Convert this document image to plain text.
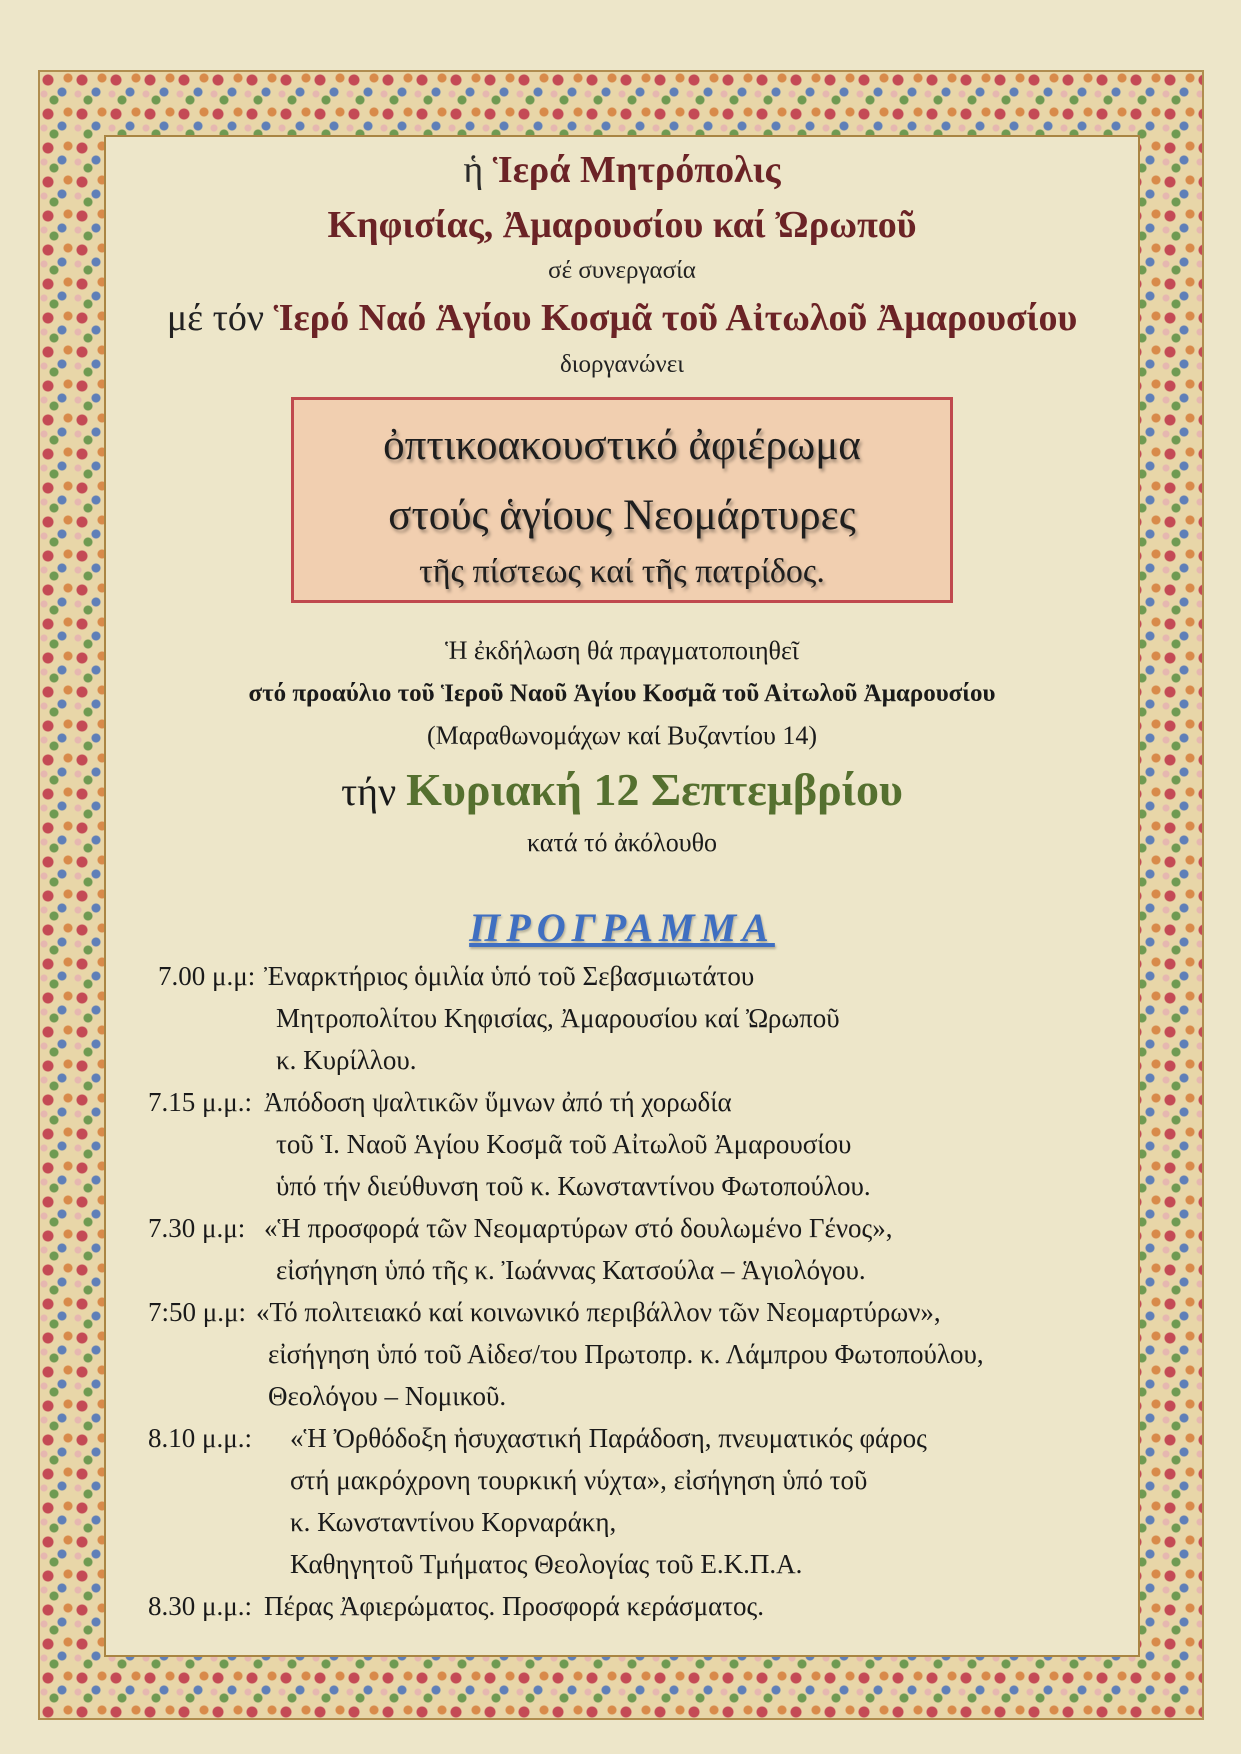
ἡ Ἱερά Μητρόπολις
Κηφισίας, Ἀμαρουσίου καί Ὠρωποῦ
σέ συνεργασία
μέ τόν Ἱερό Ναό Ἁγίου Κοσμᾶ τοῦ Αἰτωλοῦ Ἀμαρουσίου
διοργανώνει
ὀπτικοακουστικό ἀφιέρωμα
στούς ἁγίους Νεομάρτυρες
τῆς πίστεως καί τῆς πατρίδος.
Ἡ ἐκδήλωση θά πραγματοποιηθεῖ
στό προαύλιο τοῦ Ἱεροῦ Ναοῦ Ἁγίου Κοσμᾶ τοῦ Αἰτωλοῦ Ἀμαρουσίου
(Μαραθωνομάχων καί Βυζαντίου 14)
τήν Κυριακή 12 Σεπτεμβρίου
κατά τό ἀκόλουθο
ΠΡΟΓΡΑΜΜΑ
7.00 μ.μ: Ἐναρκτήριος ὁμιλία ὑπό τοῦ Σεβασμιωτάτου
Μητροπολίτου Κηφισίας, Ἀμαρουσίου καί Ὠρωποῦ
κ. Κυρίλλου.
7.15 μ.μ.: Ἀπόδοση ψαλτικῶν ὕμνων ἀπό τή χορωδία
τοῦ Ἱ. Ναοῦ Ἁγίου Κοσμᾶ τοῦ Αἰτωλοῦ Ἀμαρουσίου
ὑπό τήν διεύθυνση τοῦ κ. Κωνσταντίνου Φωτοπούλου.
7.30 μ.μ: «Ἡ προσφορά τῶν Νεομαρτύρων στό δουλωμένο Γένος»,
εἰσήγηση ὑπό τῆς κ. Ἰωάννας Κατσούλα – Ἁγιολόγου.
7:50 μ.μ: «Τό πολιτειακό καί κοινωνικό περιβάλλον τῶν Νεομαρτύρων»,
εἰσήγηση ὑπό τοῦ Αἰδεσ/του Πρωτοπρ. κ. Λάμπρου Φωτοπούλου,
Θεολόγου – Νομικοῦ.
8.10 μ.μ.: «Ἡ Ὀρθόδοξη ἡσυχαστική Παράδοση, πνευματικός φάρος
στή μακρόχρονη τουρκική νύχτα», εἰσήγηση ὑπό τοῦ
κ. Κωνσταντίνου Κορναράκη,
Καθηγητοῦ Τμήματος Θεολογίας τοῦ Ε.Κ.Π.Α.
8.30 μ.μ.: Πέρας Ἀφιερώματος. Προσφορά κεράσματος.
